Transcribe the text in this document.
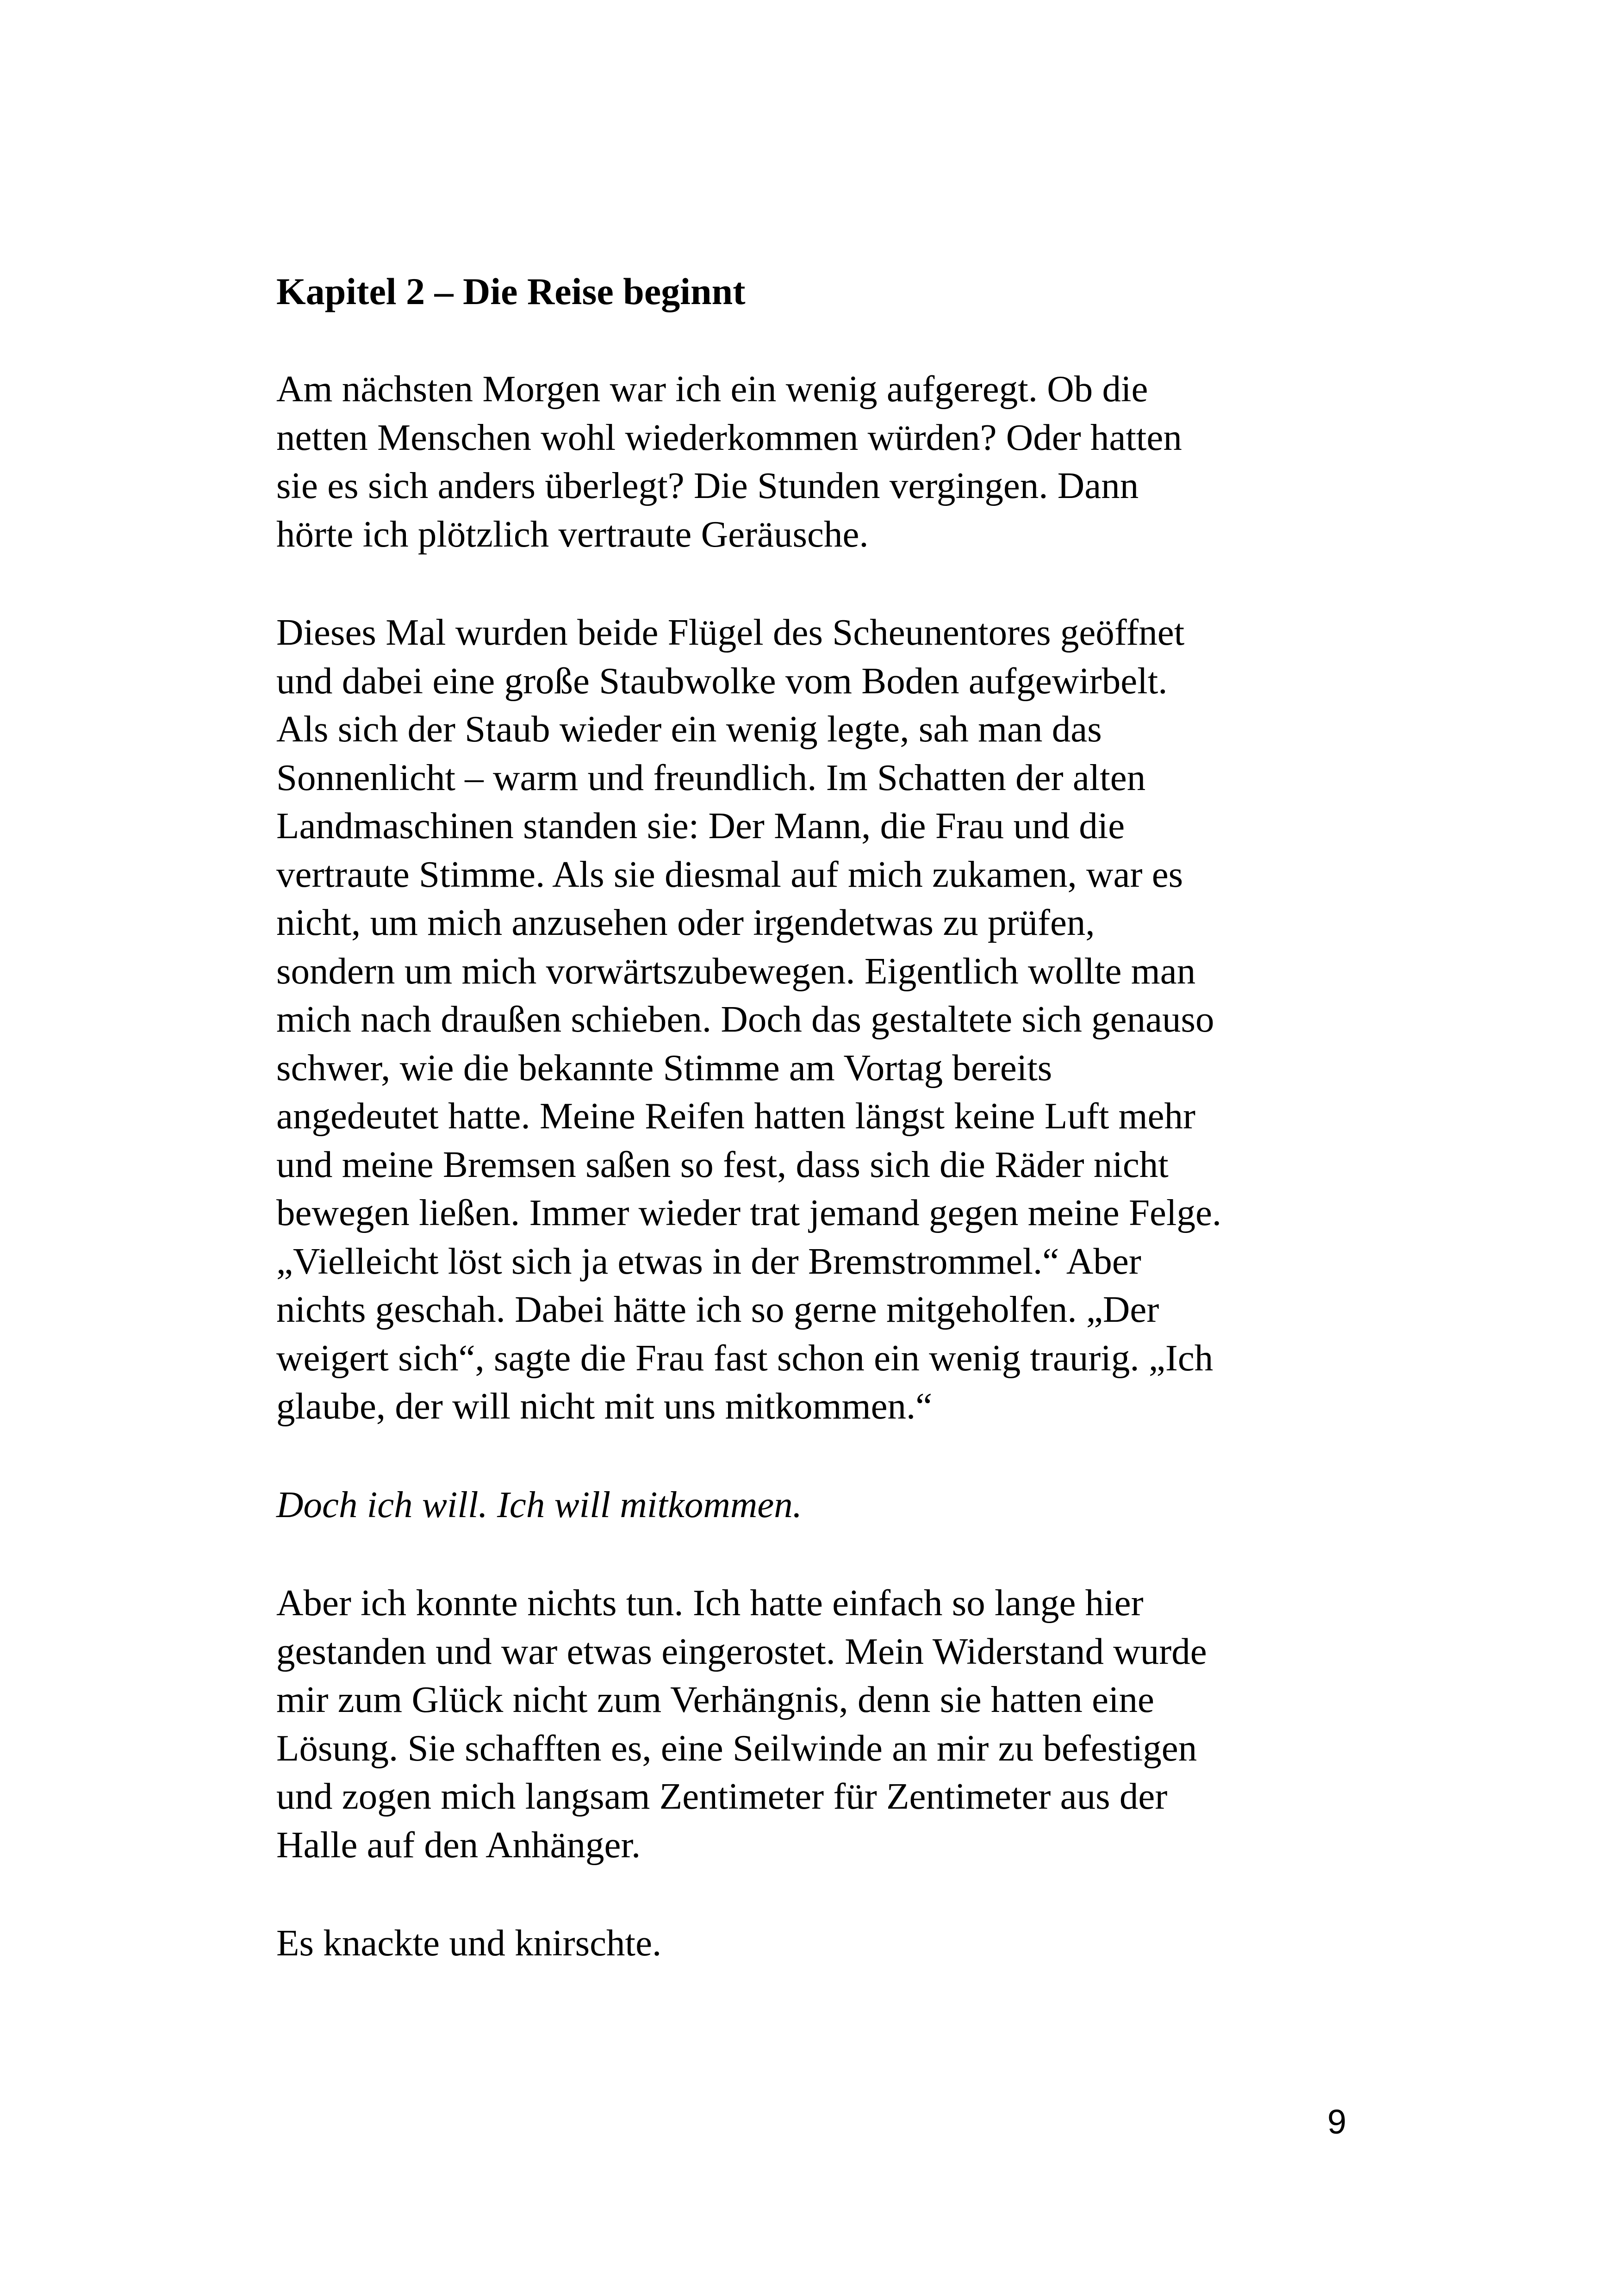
Kapitel 2 – Die Reise beginnt

Am nächsten Morgen war ich ein wenig aufgeregt. Ob die
netten Menschen wohl wiederkommen würden? Oder hatten
sie es sich anders überlegt? Die Stunden vergingen. Dann
hörte ich plötzlich vertraute Geräusche.

Dieses Mal wurden beide Flügel des Scheunentores geöffnet
und dabei eine große Staubwolke vom Boden aufgewirbelt.
Als sich der Staub wieder ein wenig legte, sah man das
Sonnenlicht – warm und freundlich. Im Schatten der alten
Landmaschinen standen sie: Der Mann, die Frau und die
vertraute Stimme. Als sie diesmal auf mich zukamen, war es
nicht, um mich anzusehen oder irgendetwas zu prüfen,
sondern um mich vorwärtszubewegen. Eigentlich wollte man
mich nach draußen schieben. Doch das gestaltete sich genauso
schwer, wie die bekannte Stimme am Vortag bereits
angedeutet hatte. Meine Reifen hatten längst keine Luft mehr
und meine Bremsen saßen so fest, dass sich die Räder nicht
bewegen ließen. Immer wieder trat jemand gegen meine Felge.
„Vielleicht löst sich ja etwas in der Bremstrommel.“ Aber
nichts geschah. Dabei hätte ich so gerne mitgeholfen. „Der
weigert sich“, sagte die Frau fast schon ein wenig traurig. „Ich
glaube, der will nicht mit uns mitkommen.“

Doch ich will. Ich will mitkommen.

Aber ich konnte nichts tun. Ich hatte einfach so lange hier
gestanden und war etwas eingerostet. Mein Widerstand wurde
mir zum Glück nicht zum Verhängnis, denn sie hatten eine
Lösung. Sie schafften es, eine Seilwinde an mir zu befestigen
und zogen mich langsam Zentimeter für Zentimeter aus der
Halle auf den Anhänger.

Es knackte und knirschte.

9
